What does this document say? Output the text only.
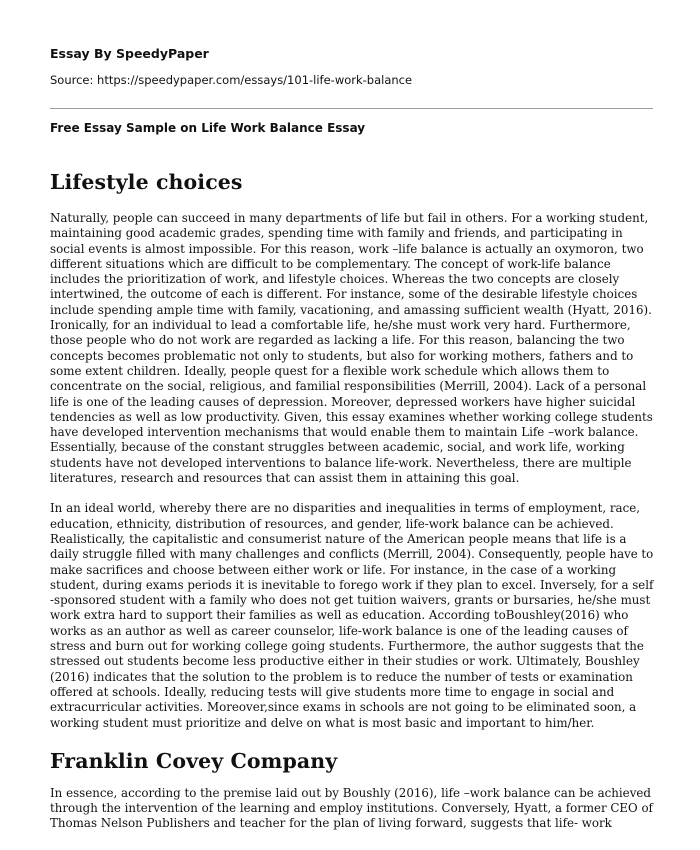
Essay By SpeedyPaper

Source: https://speedypaper.com/essays/101-life-work-balance

Free Essay Sample on Life Work Balance Essay

Lifestyle choices

Naturally, people can succeed in many departments of life but fail in others. For a working student,
maintaining good academic grades, spending time with family and friends, and participating in
social events is almost impossible. For this reason, work –life balance is actually an oxymoron, two
different situations which are difficult to be complementary. The concept of work-life balance
includes the prioritization of work, and lifestyle choices. Whereas the two concepts are closely
intertwined, the outcome of each is different. For instance, some of the desirable lifestyle choices
include spending ample time with family, vacationing, and amassing sufficient wealth (Hyatt, 2016).
Ironically, for an individual to lead a comfortable life, he/she must work very hard. Furthermore,
those people who do not work are regarded as lacking a life. For this reason, balancing the two
concepts becomes problematic not only to students, but also for working mothers, fathers and to
some extent children. Ideally, people quest for a flexible work schedule which allows them to
concentrate on the social, religious, and familial responsibilities (Merrill, 2004). Lack of a personal
life is one of the leading causes of depression. Moreover, depressed workers have higher suicidal
tendencies as well as low productivity. Given, this essay examines whether working college students
have developed intervention mechanisms that would enable them to maintain Life –work balance.
Essentially, because of the constant struggles between academic, social, and work life, working
students have not developed interventions to balance life-work. Nevertheless, there are multiple
literatures, research and resources that can assist them in attaining this goal.

In an ideal world, whereby there are no disparities and inequalities in terms of employment, race,
education, ethnicity, distribution of resources, and gender, life-work balance can be achieved.
Realistically, the capitalistic and consumerist nature of the American people means that life is a
daily struggle filled with many challenges and conflicts (Merrill, 2004). Consequently, people have to
make sacrifices and choose between either work or life. For instance, in the case of a working
student, during exams periods it is inevitable to forego work if they plan to excel. Inversely, for a self
-sponsored student with a family who does not get tuition waivers, grants or bursaries, he/she must
work extra hard to support their families as well as education. According toBoushley(2016) who
works as an author as well as career counselor, life-work balance is one of the leading causes of
stress and burn out for working college going students. Furthermore, the author suggests that the
stressed out students become less productive either in their studies or work. Ultimately, Boushley
(2016) indicates that the solution to the problem is to reduce the number of tests or examination
offered at schools. Ideally, reducing tests will give students more time to engage in social and
extracurricular activities. Moreover,since exams in schools are not going to be eliminated soon, a
working student must prioritize and delve on what is most basic and important to him/her.

Franklin Covey Company

In essence, according to the premise laid out by Boushly (2016), life –work balance can be achieved
through the intervention of the learning and employ institutions. Conversely, Hyatt, a former CEO of
Thomas Nelson Publishers and teacher for the plan of living forward, suggests that life- work
